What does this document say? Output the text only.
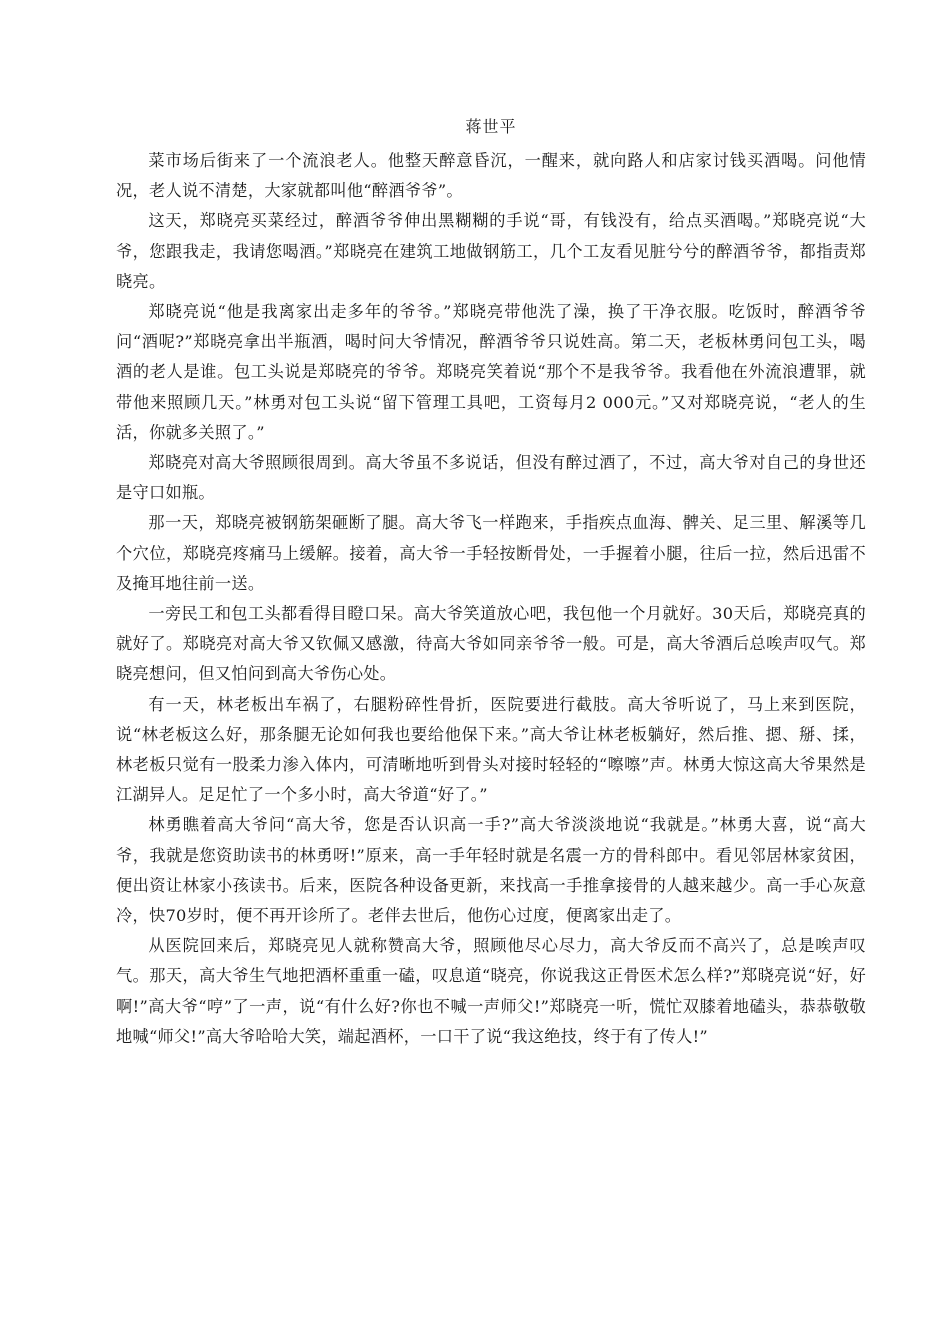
蒋世平

菜市场后街来了一个流浪老人。他整天醉意昏沉，一醒来，就向路人和店家讨钱买酒喝。问他情况，老人说不清楚，大家就都叫他“醉酒爷爷”。

这天，郑晓亮买菜经过，醉酒爷爷伸出黑糊糊的手说“哥，有钱没有，给点买酒喝。”郑晓亮说“大爷，您跟我走，我请您喝酒。”郑晓亮在建筑工地做钢筋工，几个工友看见脏兮兮的醉酒爷爷，都指责郑晓亮。

郑晓亮说“他是我离家出走多年的爷爷。”郑晓亮带他洗了澡，换了干净衣服。吃饭时，醉酒爷爷问“酒呢?”郑晓亮拿出半瓶酒，喝时问大爷情况，醉酒爷爷只说姓高。第二天，老板林勇问包工头，喝酒的老人是谁。包工头说是郑晓亮的爷爷。郑晓亮笑着说“那个不是我爷爷。我看他在外流浪遭罪，就带他来照顾几天。”林勇对包工头说“留下管理工具吧，工资每月2 000元。”又对郑晓亮说，“老人的生活，你就多关照了。”

郑晓亮对高大爷照顾很周到。高大爷虽不多说话，但没有醉过酒了，不过，高大爷对自己的身世还是守口如瓶。

那一天，郑晓亮被钢筋架砸断了腿。高大爷飞一样跑来，手指疾点血海、髀关、足三里、解溪等几个穴位，郑晓亮疼痛马上缓解。接着，高大爷一手轻按断骨处，一手握着小腿，往后一拉，然后迅雷不及掩耳地往前一送。

一旁民工和包工头都看得目瞪口呆。高大爷笑道放心吧，我包他一个月就好。30天后，郑晓亮真的就好了。郑晓亮对高大爷又钦佩又感激，待高大爷如同亲爷爷一般。可是，高大爷酒后总唉声叹气。郑晓亮想问，但又怕问到高大爷伤心处。

有一天，林老板出车祸了，右腿粉碎性骨折，医院要进行截肢。高大爷听说了，马上来到医院，说“林老板这么好，那条腿无论如何我也要给他保下来。”高大爷让林老板躺好，然后推、摁、掰、揉，林老板只觉有一股柔力渗入体内，可清晰地听到骨头对接时轻轻的“嚓嚓”声。林勇大惊这高大爷果然是江湖异人。足足忙了一个多小时，高大爷道“好了。”

林勇瞧着高大爷问“高大爷，您是否认识高一手?”高大爷淡淡地说“我就是。”林勇大喜，说“高大爷，我就是您资助读书的林勇呀!”原来，高一手年轻时就是名震一方的骨科郎中。看见邻居林家贫困，便出资让林家小孩读书。后来，医院各种设备更新，来找高一手推拿接骨的人越来越少。高一手心灰意冷，快70岁时，便不再开诊所了。老伴去世后，他伤心过度，便离家出走了。

从医院回来后，郑晓亮见人就称赞高大爷，照顾他尽心尽力，高大爷反而不高兴了，总是唉声叹气。那天，高大爷生气地把酒杯重重一磕，叹息道“晓亮，你说我这正骨医术怎么样?”郑晓亮说“好，好啊!”高大爷“哼”了一声，说“有什么好?你也不喊一声师父!”郑晓亮一听，慌忙双膝着地磕头，恭恭敬敬地喊“师父!”高大爷哈哈大笑，端起酒杯，一口干了说“我这绝技，终于有了传人!”
